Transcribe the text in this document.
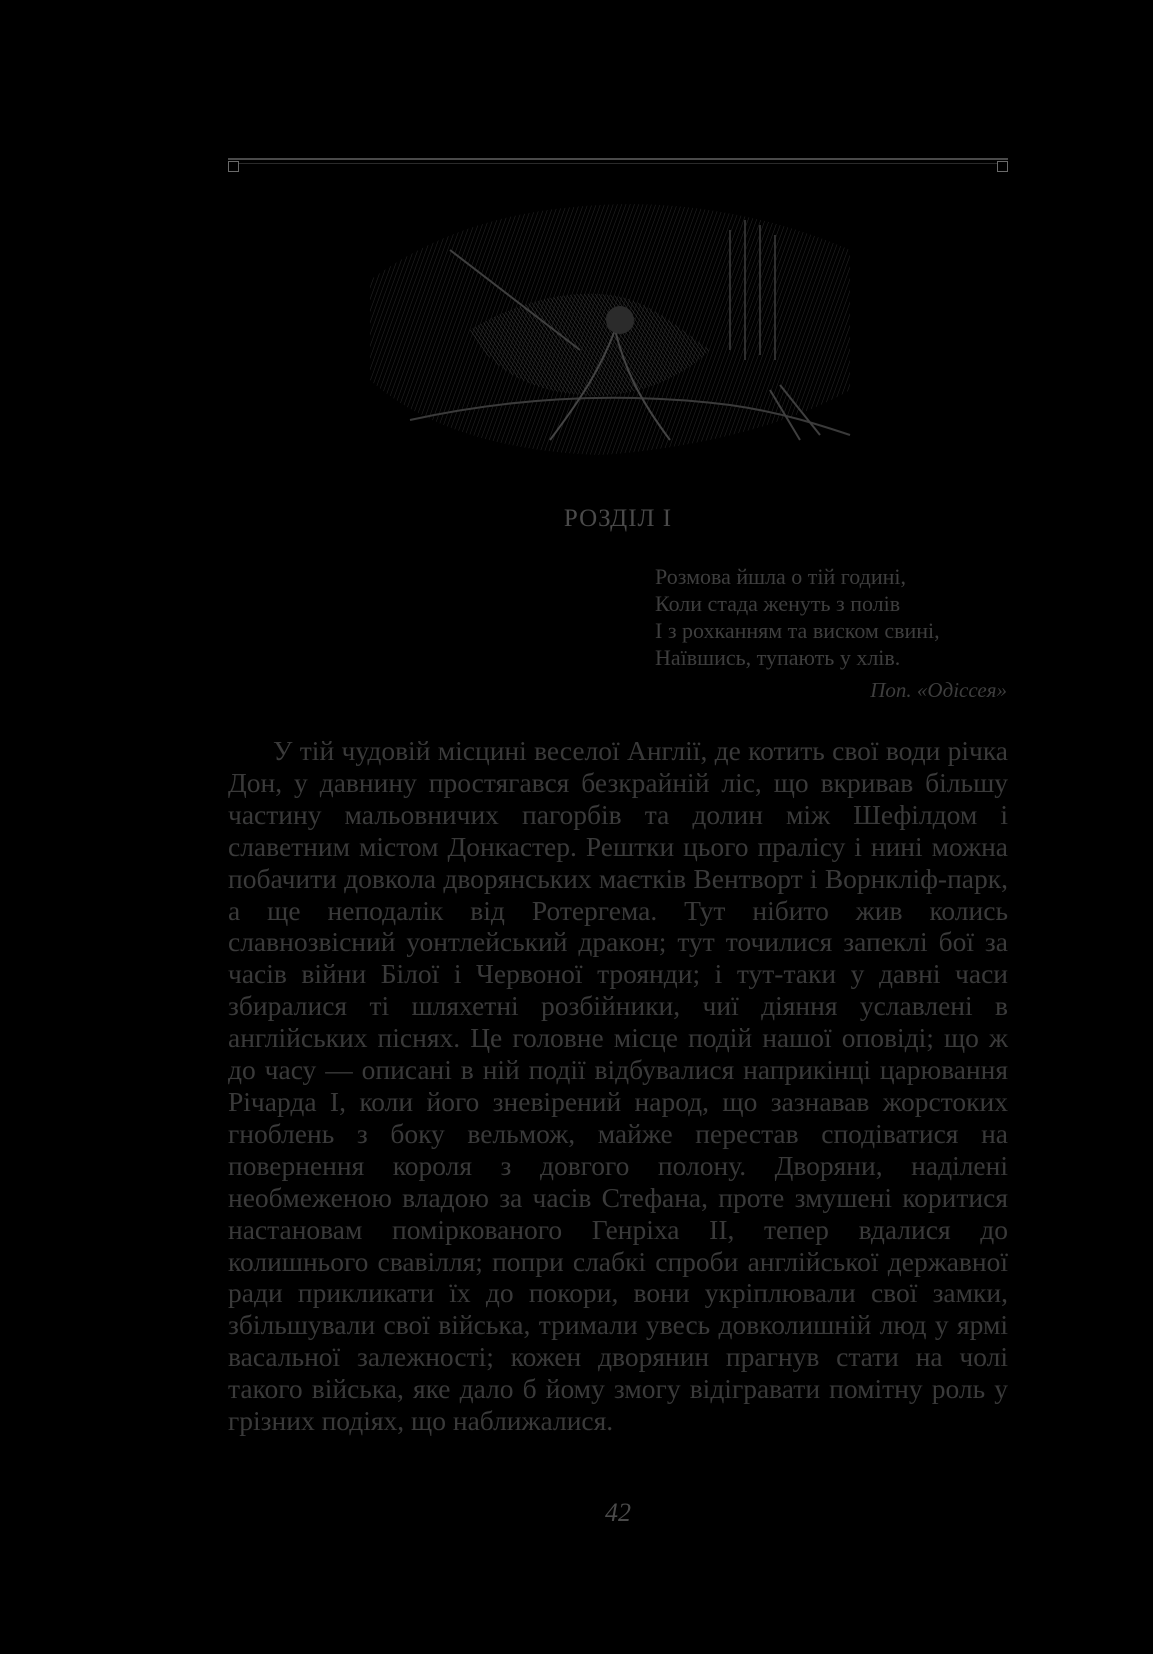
РОЗДІЛ І
Розмова йшла о тій годині,
Коли стада женуть з полів
І з рохканням та виском свині,
Наївшись, тупають у хлів.
Поп. «Одіссея»

У тій чудовій місцині веселої Англії, де котить свої води річка Дон, у давнину простягався безкрайній ліс, що вкривав більшу частину мальовничих пагорбів та долин між Шефілдом і славетним містом Донкастер. Рештки цього пралісу і нині можна побачити довкола дворянських маєтків Вентворт і Ворнкліф-парк, а ще неподалік від Ротергема. Тут нібито жив колись славнозвісний уонтлейський дракон; тут точилися запеклі бої за часів війни Білої і Червоної троянди; і тут-таки у давні часи збиралися ті шляхетні розбійники, чиї діяння уславлені в англійських піснях. Це головне місце подій нашої оповіді; що ж до часу — описані в ній події відбувалися наприкінці царювання Річарда І, коли його зневірений народ, що зазнавав жорстоких гноблень з боку вельмож, майже перестав сподіватися на повернення короля з довгого полону. Дворяни, наділені необмеженою владою за часів Стефана, проте змушені коритися настановам поміркованого Генріха ІІ, тепер вдалися до колишнього свавілля; попри слабкі спроби англійської державної ради прикликати їх до покори, вони укріплювали свої замки, збільшували свої війська, тримали увесь довколишній люд у ярмі васальної залежності; кожен дворянин прагнув стати на чолі такого війська, яке дало б йому змогу відігравати помітну роль у грізних подіях, що наближалися.

42
